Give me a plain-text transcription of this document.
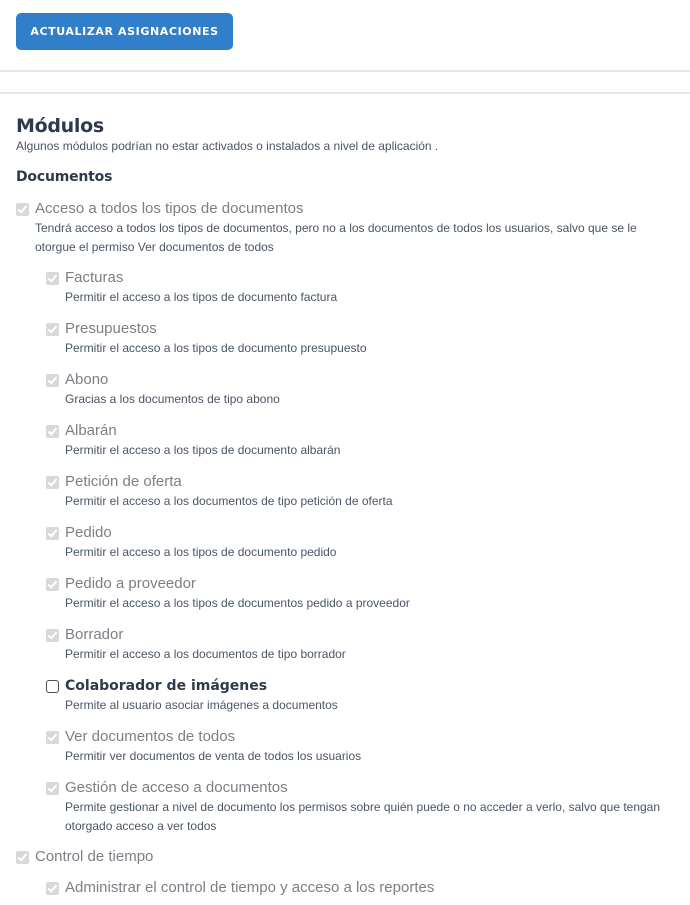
ACTUALIZAR ASIGNACIONES
Módulos

Algunos módulos podrían no estar activados o instalados a nivel de aplicación .

Documentos
Acceso a todos los tipos de documentos
Tendrá acceso a todos los tipos de documentos, pero no a los documentos de todos los usuarios, salvo que se le otorgue el permiso Ver documentos de todos
Facturas
Permitir el acceso a los tipos de documento factura
Presupuestos
Permitir el acceso a los tipos de documento presupuesto
Abono
Gracias a los documentos de tipo abono
Albarán
Permitir el acceso a los tipos de documento albarán
Petición de oferta
Permitir el acceso a los documentos de tipo petición de oferta
Pedido
Permitir el acceso a los tipos de documento pedido
Pedido a proveedor
Permitir el acceso a los tipos de documentos pedido a proveedor
Borrador
Permitir el acceso a los documentos de tipo borrador
Colaborador de imágenes
Permite al usuario asociar imágenes a documentos
Ver documentos de todos
Permitir ver documentos de venta de todos los usuarios
Gestión de acceso a documentos
Permite gestionar a nivel de documento los permisos sobre quién puede o no acceder a verlo, salvo que tengan otorgado acceso a ver todos
Control de tiempo
Administrar el control de tiempo y acceso a los reportes
